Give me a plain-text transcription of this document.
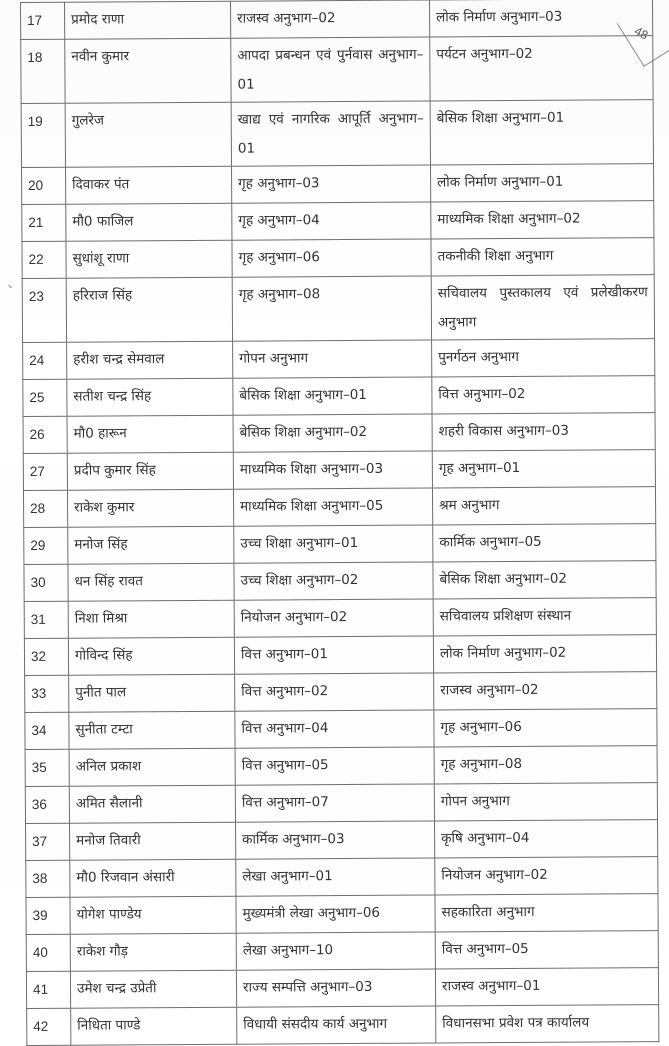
48
17	प्रमोद राणा	राजस्व अनुभाग–02	लोक निर्माण अनुभाग–03
18	नवीन कुमार	आपदा प्रबन्धन एवं पुर्नवास अनुभाग–01	पर्यटन अनुभाग–02
19	गुलरेज	खाद्य एवं नागरिक आपूर्ति अनुभाग–01	बेसिक शिक्षा अनुभाग–01
20	दिवाकर पंत	गृह अनुभाग–03	लोक निर्माण अनुभाग–01
21	मौ0 फाजिल	गृह अनुभाग–04	माध्यमिक शिक्षा अनुभाग–02
22	सुधांशू राणा	गृह अनुभाग–06	तकनीकी शिक्षा अनुभाग
23	हरिराज सिंह	गृह अनुभाग–08	सचिवालय पुस्तकालय एवं प्रलेखीकरण अनुभाग
24	हरीश चन्द्र सेमवाल	गोपन अनुभाग	पुनर्गठन अनुभाग
25	सतीश चन्द्र सिंह	बेसिक शिक्षा अनुभाग–01	वित्त अनुभाग–02
26	मौ0 हारून	बेसिक शिक्षा अनुभाग–02	शहरी विकास अनुभाग–03
27	प्रदीप कुमार सिंह	माध्यमिक शिक्षा अनुभाग–03	गृह अनुभाग–01
28	राकेश कुमार	माध्यमिक शिक्षा अनुभाग–05	श्रम अनुभाग
29	मनोज सिंह	उच्च शिक्षा अनुभाग–01	कार्मिक अनुभाग–05
30	धन सिंह रावत	उच्च शिक्षा अनुभाग–02	बेसिक शिक्षा अनुभाग–02
31	निशा मिश्रा	नियोजन अनुभाग–02	सचिवालय प्रशिक्षण संस्थान
32	गोविन्द सिंह	वित्त अनुभाग–01	लोक निर्माण अनुभाग–02
33	पुनीत पाल	वित्त अनुभाग–02	राजस्व अनुभाग–02
34	सुनीता टम्टा	वित्त अनुभाग–04	गृह अनुभाग–06
35	अनिल प्रकाश	वित्त अनुभाग–05	गृह अनुभाग–08
36	अमित सैलानी	वित्त अनुभाग–07	गोपन अनुभाग
37	मनोज तिवारी	कार्मिक अनुभाग–03	कृषि अनुभाग–04
38	मौ0 रिजवान अंसारी	लेखा अनुभाग–01	नियोजन अनुभाग–02
39	योगेश पाण्डेय	मुख्यमंत्री लेखा अनुभाग–06	सहकारिता अनुभाग
40	राकेश गौड़	लेखा अनुभाग–10	वित्त अनुभाग–05
41	उमेश चन्द्र उप्रेती	राज्य सम्पत्ति अनुभाग–03	राजस्व अनुभाग–01
42	निधिता पाण्डे	विधायी संसदीय कार्य अनुभाग	विधानसभा प्रवेश पत्र कार्यालय
